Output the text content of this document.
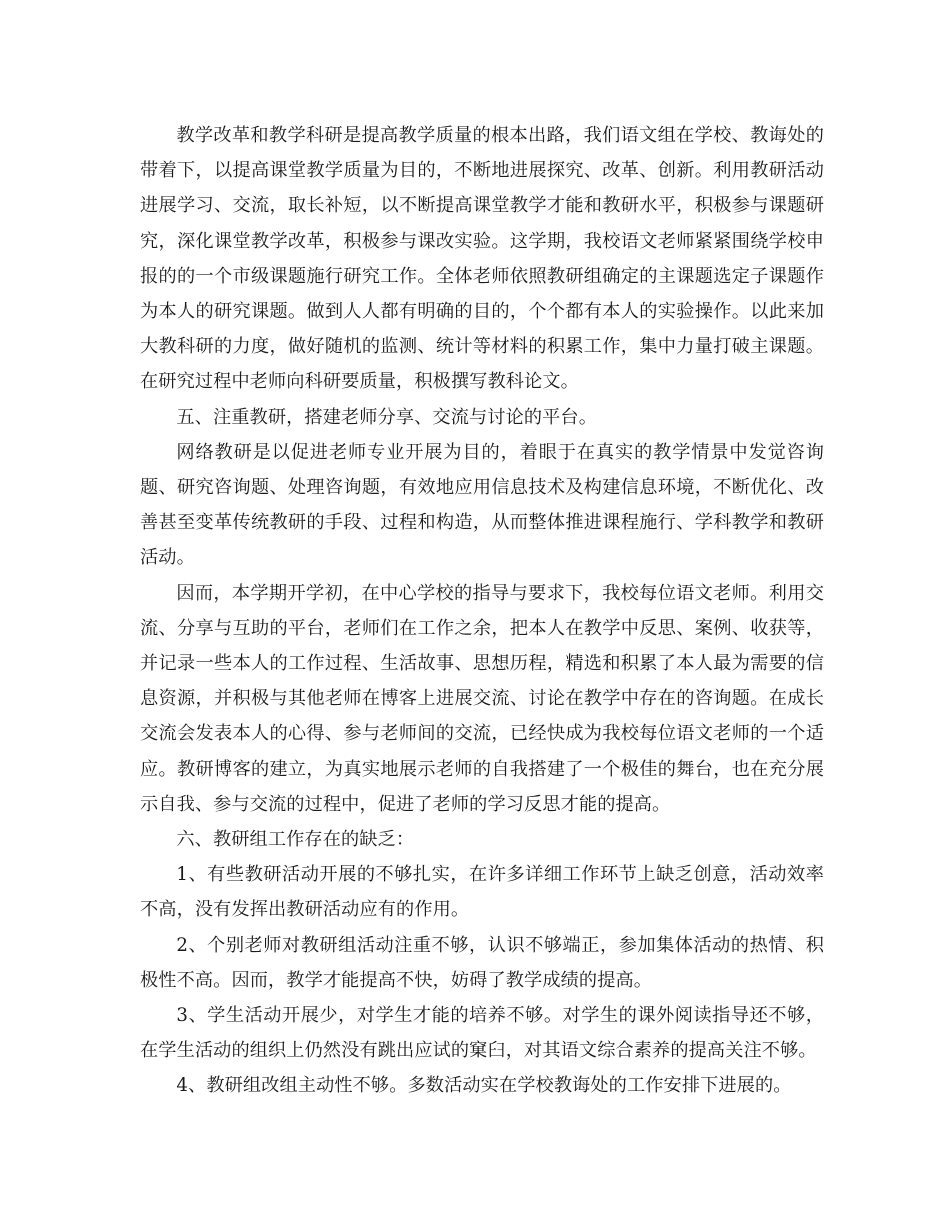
教学改革和教学科研是提高教学质量的根本出路，我们语文组在学校、教诲处的带着下，以提高课堂教学质量为目的，不断地进展探究、改革、创新。利用教研活动进展学习、交流，取长补短，以不断提高课堂教学才能和教研水平，积极参与课题研究，深化课堂教学改革，积极参与课改实验。这学期，我校语文老师紧紧围绕学校申报的的一个市级课题施行研究工作。全体老师依照教研组确定的主课题选定子课题作为本人的研究课题。做到人人都有明确的目的，个个都有本人的实验操作。以此来加大教科研的力度，做好随机的监测、统计等材料的积累工作，集中力量打破主课题。在研究过程中老师向科研要质量，积极撰写教科论文。

五、注重教研，搭建老师分享、交流与讨论的平台。

网络教研是以促进老师专业开展为目的，着眼于在真实的教学情景中发觉咨询题、研究咨询题、处理咨询题，有效地应用信息技术及构建信息环境，不断优化、改善甚至变革传统教研的手段、过程和构造，从而整体推进课程施行、学科教学和教研活动。

因而，本学期开学初，在中心学校的指导与要求下，我校每位语文老师。利用交流、分享与互助的平台，老师们在工作之余，把本人在教学中反思、案例、收获等，并记录一些本人的工作过程、生活故事、思想历程，精选和积累了本人最为需要的信息资源，并积极与其他老师在博客上进展交流、讨论在教学中存在的咨询题。在成长交流会发表本人的心得、参与老师间的交流，已经快成为我校每位语文老师的一个适应。教研博客的建立，为真实地展示老师的自我搭建了一个极佳的舞台，也在充分展示自我、参与交流的过程中，促进了老师的学习反思才能的提高。

六、教研组工作存在的缺乏：

1、有些教研活动开展的不够扎实，在许多详细工作环节上缺乏创意，活动效率不高，没有发挥出教研活动应有的作用。

2、个别老师对教研组活动注重不够，认识不够端正，参加集体活动的热情、积极性不高。因而，教学才能提高不快，妨碍了教学成绩的提高。

3、学生活动开展少，对学生才能的培养不够。对学生的课外阅读指导还不够，在学生活动的组织上仍然没有跳出应试的窠臼，对其语文综合素养的提高关注不够。

4、教研组改组主动性不够。多数活动实在学校教诲处的工作安排下进展的。
